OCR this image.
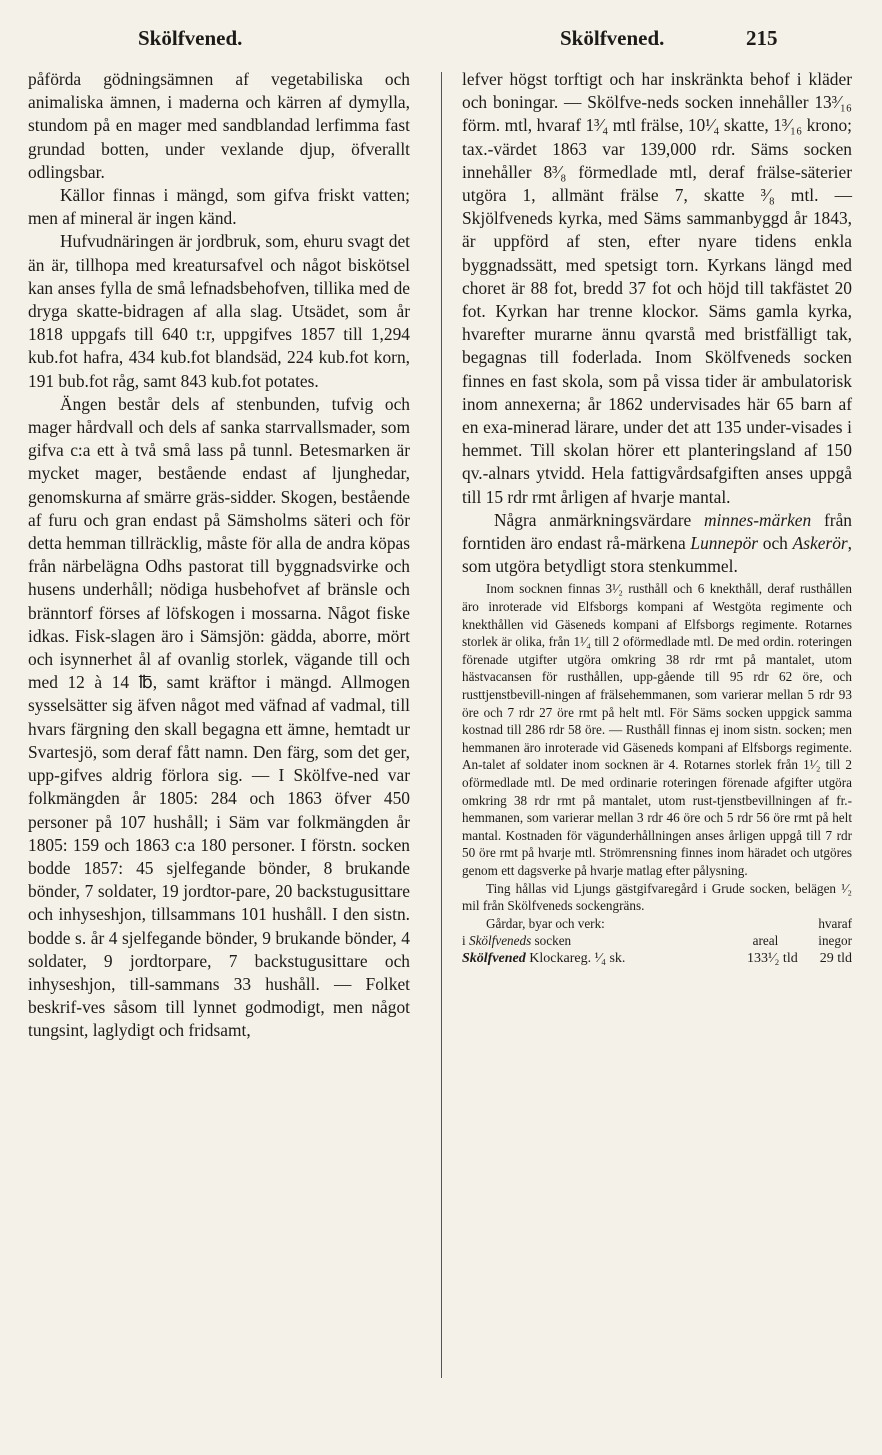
Skölfvened.	Skölfvened.	215

påförda gödningsämnen af vegetabiliska och animaliska ämnen, i maderna och kärren af dymylla, stundom på en mager med sandblandad lerfimma fast grundad botten, under vexlande djup, öfverallt odlingsbar.

Källor finnas i mängd, som gifva friskt vatten; men af mineral är ingen känd.

Hufvudnäringen är jordbruk, som, ehuru svagt det än är, tillhopa med kreatursafvel och något biskötsel kan anses fylla de små lefnadsbehofven, tillika med de dryga skatte-bidragen af alla slag. Utsädet, som år 1818 uppgafs till 640 t:r, uppgifves 1857 till 1,294 kub.fot hafra, 434 kub.fot blandsäd, 224 kub.fot korn, 191 bub.fot råg, samt 843 kub.fot potates.

Ängen består dels af stenbunden, tufvig och mager hårdvall och dels af sanka starrvallsmader, som gifva c:a ett à två små lass på tunnl. Betesmarken är mycket mager, bestående endast af ljunghedar, genomskurna af smärre gräs-sidder. Skogen, bestående af furu och gran endast på Sämsholms säteri och för detta hemman tillräcklig, måste för alla de andra köpas från närbelägna Odhs pastorat till byggnadsvirke och husens underhåll; nödiga husbehofvet af bränsle och bränntorf förses af löfskogen i mossarna. Något fiske idkas. Fisk-slagen äro i Sämsjön: gädda, aborre, mört och isynnerhet ål af ovanlig storlek, vägande till och med 12 à 14 ℔, samt kräftor i mängd. Allmogen sysselsätter sig äfven något med väfnad af vadmal, till hvars färgning den skall begagna ett ämne, hemtadt ur Svartesjö, som deraf fått namn. Den färg, som det ger, upp-gifves aldrig förlora sig. — I Skölfve-ned var folkmängden år 1805: 284 och 1863 öfver 450 personer på 107 hushåll; i Säm var folkmängden år 1805: 159 och 1863 c:a 180 personer. I förstn. socken bodde 1857: 45 sjelfegande bönder, 8 brukande bönder, 7 soldater, 19 jordtor-pare, 20 backstugusittare och inhyseshjon, tillsammans 101 hushåll. I den sistn. bodde s. år 4 sjelfegande bönder, 9 brukande bönder, 4 soldater, 9 jordtorpare, 7 backstugusittare och inhyseshjon, till-sammans 33 hushåll. — Folket beskrif-ves såsom till lynnet godmodigt, men något tungsint, laglydigt och fridsamt,

lefver högst torftigt och har inskränkta behof i kläder och boningar. — Skölfve-neds socken innehåller 13³⁄₁₆ förm. mtl, hvaraf 1³⁄₄ mtl frälse, 10¹⁄₄ skatte, 1³⁄₁₆ krono; tax.-värdet 1863 var 139,000 rdr. Säms socken innehåller 8³⁄₈ förmedlade mtl, deraf frälse-säterier utgöra 1, allmänt frälse 7, skatte ³⁄₈ mtl. — Skjölfveneds kyrka, med Säms sammanbyggd år 1843, är uppförd af sten, efter nyare tidens enkla byggnadssätt, med spetsigt torn. Kyrkans längd med choret är 88 fot, bredd 37 fot och höjd till takfästet 20 fot. Kyrkan har trenne klockor. Säms gamla kyrka, hvarefter murarne ännu qvarstå med bristfälligt tak, begagnas till foderlada. Inom Skölfveneds socken finnes en fast skola, som på vissa tider är ambulatorisk inom annexerna; år 1862 undervisades här 65 barn af en exa-minerad lärare, under det att 135 under-visades i hemmet. Till skolan hörer ett planteringsland af 150 qv.-alnars ytvidd. Hela fattigvårdsafgiften anses uppgå till 15 rdr rmt årligen af hvarje mantal.

Några anmärkningsvärdare minnes-märken från forntiden äro endast rå-märkena Lunneрör och Askerör, som utgöra betydligt stora stenkummel.

Inom socknen finnas 3¹⁄₂ rusthåll och 6 knekthåll, deraf rusthållen äro inroterade vid Elfsborgs kompani af Westgöta regimente och knekthållen vid Gäseneds kompani af Elfsborgs regimente. Rotarnes storlek är olika, från 1¹⁄₄ till 2 oförmedlade mtl. De med ordin. roteringen förenade utgifter utgöra omkring 38 rdr rmt på mantalet, utom hästvacansen för rusthållen, upp-gående till 95 rdr 62 öre, och rusttjenstbevill-ningen af frälsehemmanen, som varierar mellan 5 rdr 93 öre och 7 rdr 27 öre rmt på helt mtl. För Säms socken uppgick samma kostnad till 286 rdr 58 öre. — Rusthåll finnas ej inom sistn. socken; men hemmanen äro inroterade vid Gäseneds kompani af Elfsborgs regimente. An-talet af soldater inom socknen är 4. Rotarnes storlek från 1¹⁄₂ till 2 oförmedlade mtl. De med ordinarie roteringen förenade afgifter utgöra omkring 38 rdr rmt på mantalet, utom rust-tjenstbevillningen af fr.-hemmanen, som varierar mellan 3 rdr 46 öre och 5 rdr 56 öre rmt på helt mantal. Kostnaden för vägunderhållningen anses årligen uppgå till 7 rdr 50 öre rmt på hvarje mtl. Strömrensning finnes inom häradet och utgöres genom ett dagsverke på hvarje matlag efter pålysning.

Ting hållas vid Ljungs gästgifvaregård i Grude socken, belägen ¹⁄₂ mil från Skölfveneds sockengräns.

Gårdar, byar och verk:	hvaraf
i Skölfveneds socken	areal	inegor
Skölfvened Klockareg. ¹⁄₄ sk.	133¹⁄₂ tld 29 tld
